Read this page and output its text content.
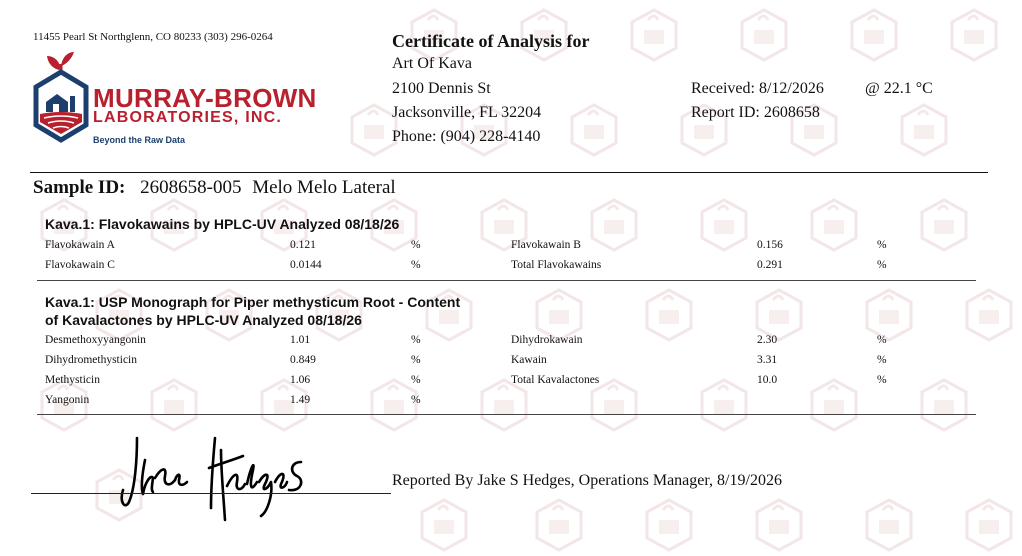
11455 Pearl St Northglenn, CO 80233 (303) 296-0264
MURRAY-BROWN
LABORATORIES, INC.
Beyond the Raw Data
Certificate of Analysis for
Art Of Kava
2100 Dennis St
Jacksonville, FL 32204
Phone: (904) 228-4140
Received: 8/12/2026	@ 22.1 °C
Report ID: 2608658
Sample ID: 2608658-005 Melo Melo Lateral
Kava.1: Flavokawains by HPLC-UV Analyzed 08/18/26
Flavokawain A	0.121	%	Flavokawain B	0.156	%
Flavokawain C	0.0144	%	Total Flavokawains	0.291	%
Kava.1: USP Monograph for Piper methysticum Root - Content
of Kavalactones by HPLC-UV Analyzed 08/18/26
Desmethoxyyangonin	1.01	%	Dihydrokawain	2.30	%
Dihydromethysticin	0.849	%	Kawain	3.31	%
Methysticin	1.06	%	Total Kavalactones	10.0	%
Yangonin	1.49	%
Reported By Jake S Hedges, Operations Manager, 8/19/2026
